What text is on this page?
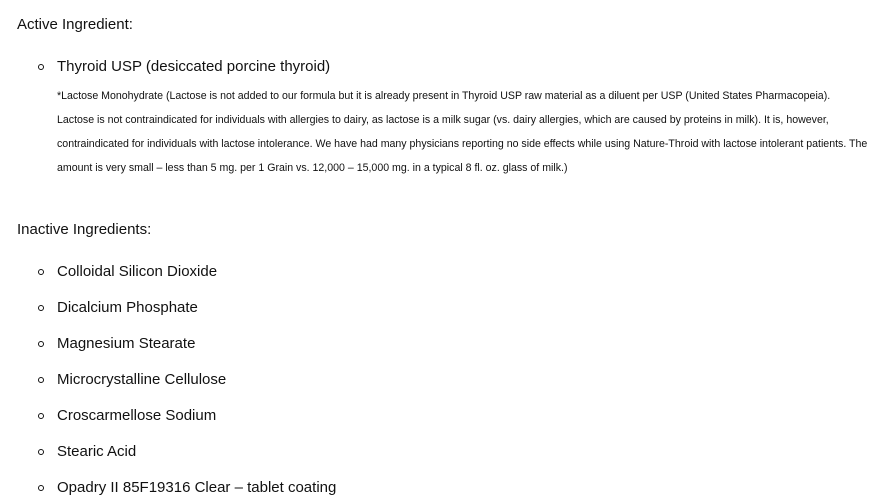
Active Ingredient:
Thyroid USP (desiccated porcine thyroid)

*Lactose Monohydrate (Lactose is not added to our formula but it is already present in Thyroid USP raw material as a diluent per USP (United States Pharmacopeia). Lactose is not contraindicated for individuals with allergies to dairy, as lactose is a milk sugar (vs. dairy allergies, which are caused by proteins in milk). It is, however, contraindicated for individuals with lactose intolerance. We have had many physicians reporting no side effects while using Nature-Throid with lactose intolerant patients. The amount is very small – less than 5 mg. per 1 Grain vs. 12,000 – 15,000 mg. in a typical 8 fl. oz. glass of milk.)

Inactive Ingredients:
Colloidal Silicon Dioxide
Dicalcium Phosphate
Magnesium Stearate
Microcrystalline Cellulose
Croscarmellose Sodium
Stearic Acid
Opadry II 85F19316 Clear – tablet coating
